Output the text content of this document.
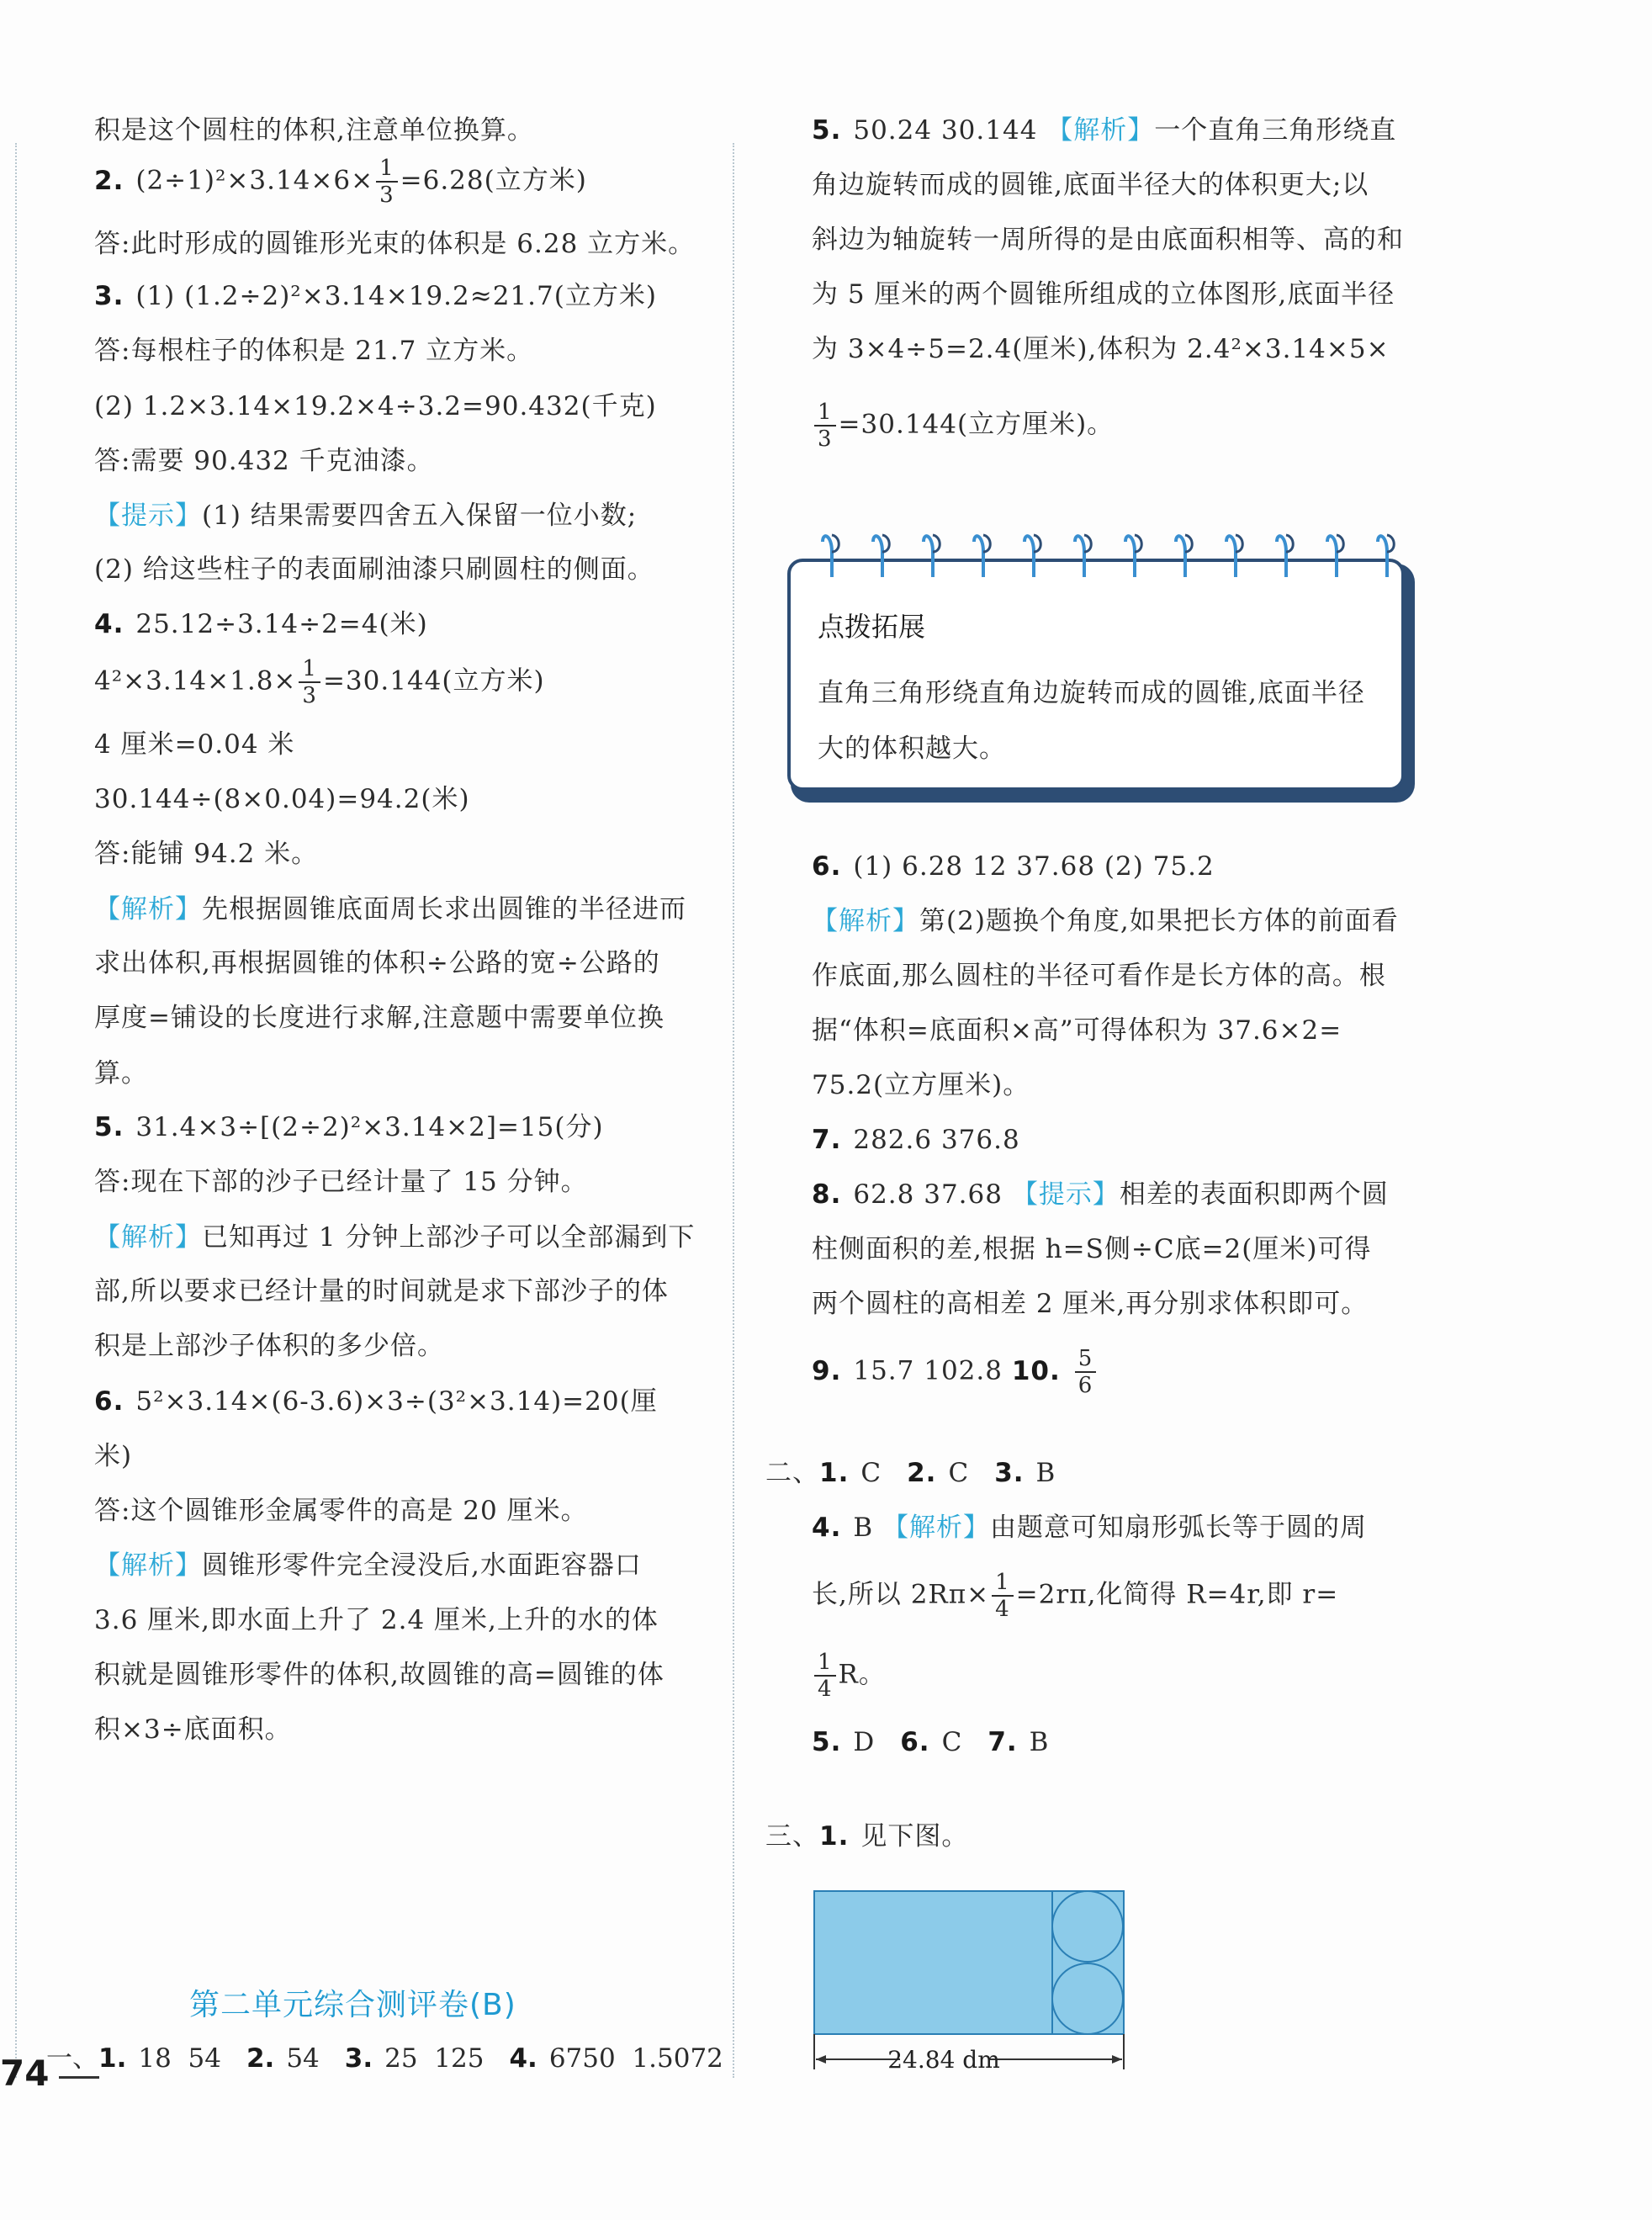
积是这个圆柱的体积,注意单位换算。
2. $(2\div 1)^2\times 3.14\times 6\times \frac{1}{3} =6.28$(立方米)
答:此时形成的圆锥形光束的体积是 6.28 立方米。
3. (1) (1.2÷2)²×3.14×19.2≈21.7(立方米)
答:每根柱子的体积是 21.7 立方米。
(2) 1.2×3.14×19.2×4÷3.2=90.432(千克)
答:需要 90.432 千克油漆。
【提示】(1) 结果需要四舍五入保留一位小数;
(2) 给这些柱子的表面刷油漆只刷圆柱的侧面。
4. 25.12÷3.14÷2=4(米)
$4^2\times 3.14\times 1.8\times \frac{1}{3} =30.144$(立方米)
4 厘米=0.04 米
30.144÷(8×0.04)=94.2(米)
答:能铺 94.2 米。
【解析】先根据圆锥底面周长求出圆锥的半径进而
求出体积,再根据圆锥的体积÷公路的宽÷公路的
厚度=铺设的长度进行求解,注意题中需要单位换
算。
5. 31.4×3÷[(2÷2)²×3.14×2]=15(分)
答:现在下部的沙子已经计量了 15 分钟。
【解析】已知再过 1 分钟上部沙子可以全部漏到下
部,所以要求已经计量的时间就是求下部沙子的体
积是上部沙子体积的多少倍。
6. 5²×3.14×(6-3.6)×3÷(3²×3.14)=20(厘
米)
答:这个圆锥形金属零件的高是 20 厘米。
【解析】圆锥形零件完全浸没后,水面距容器口
3.6 厘米,即水面上升了 2.4 厘米,上升的水的体
积就是圆锥形零件的体积,故圆锥的高=圆锥的体
积×3÷底面积。
第二单元综合测评卷(B)
一、1. 18  54 2. 54 3. 25  125 4. 6750  1.5072
5. 50.24 30.144 【解析】一个直角三角形绕直
角边旋转而成的圆锥,底面半径大的体积更大;以
斜边为轴旋转一周所得的是由底面积相等、高的和
为 5 厘米的两个圆锥所组成的立体图形,底面半径
为 3×4÷5=2.4(厘米),体积为 2.4²×3.14×5×
$\frac{1}{3} =30.144$(立方厘米)。
点拨拓展
直角三角形绕直角边旋转而成的圆锥,底面半径
大的体积越大。
6. (1) 6.28 12 37.68 (2) 75.2
【解析】第(2)题换个角度,如果把长方体的前面看
作底面,那么圆柱的半径可看作是长方体的高。根
据“体积=底面积×高”可得体积为 37.6×2=
75.2(立方厘米)。
7. 282.6 376.8
8. 62.8 37.68 【提示】相差的表面积即两个圆
柱侧面积的差,根据 h=S侧÷C底=2(厘米)可得
两个圆柱的高相差 2 厘米,再分别求体积即可。
9. 15.7 102.8 10. $\frac{5}{6}$
二、1. C 2. C 3. B
4. B 【解析】由题意可知扇形弧长等于圆的周
长,所以 $2R\pi\times \frac{1}{4} =2r\pi$,化简得 R=4r,即 r=
$\frac{1}{4}$ R。
5. D 6. C 7. B
三、1. 见下图。
24.84 dm
74
